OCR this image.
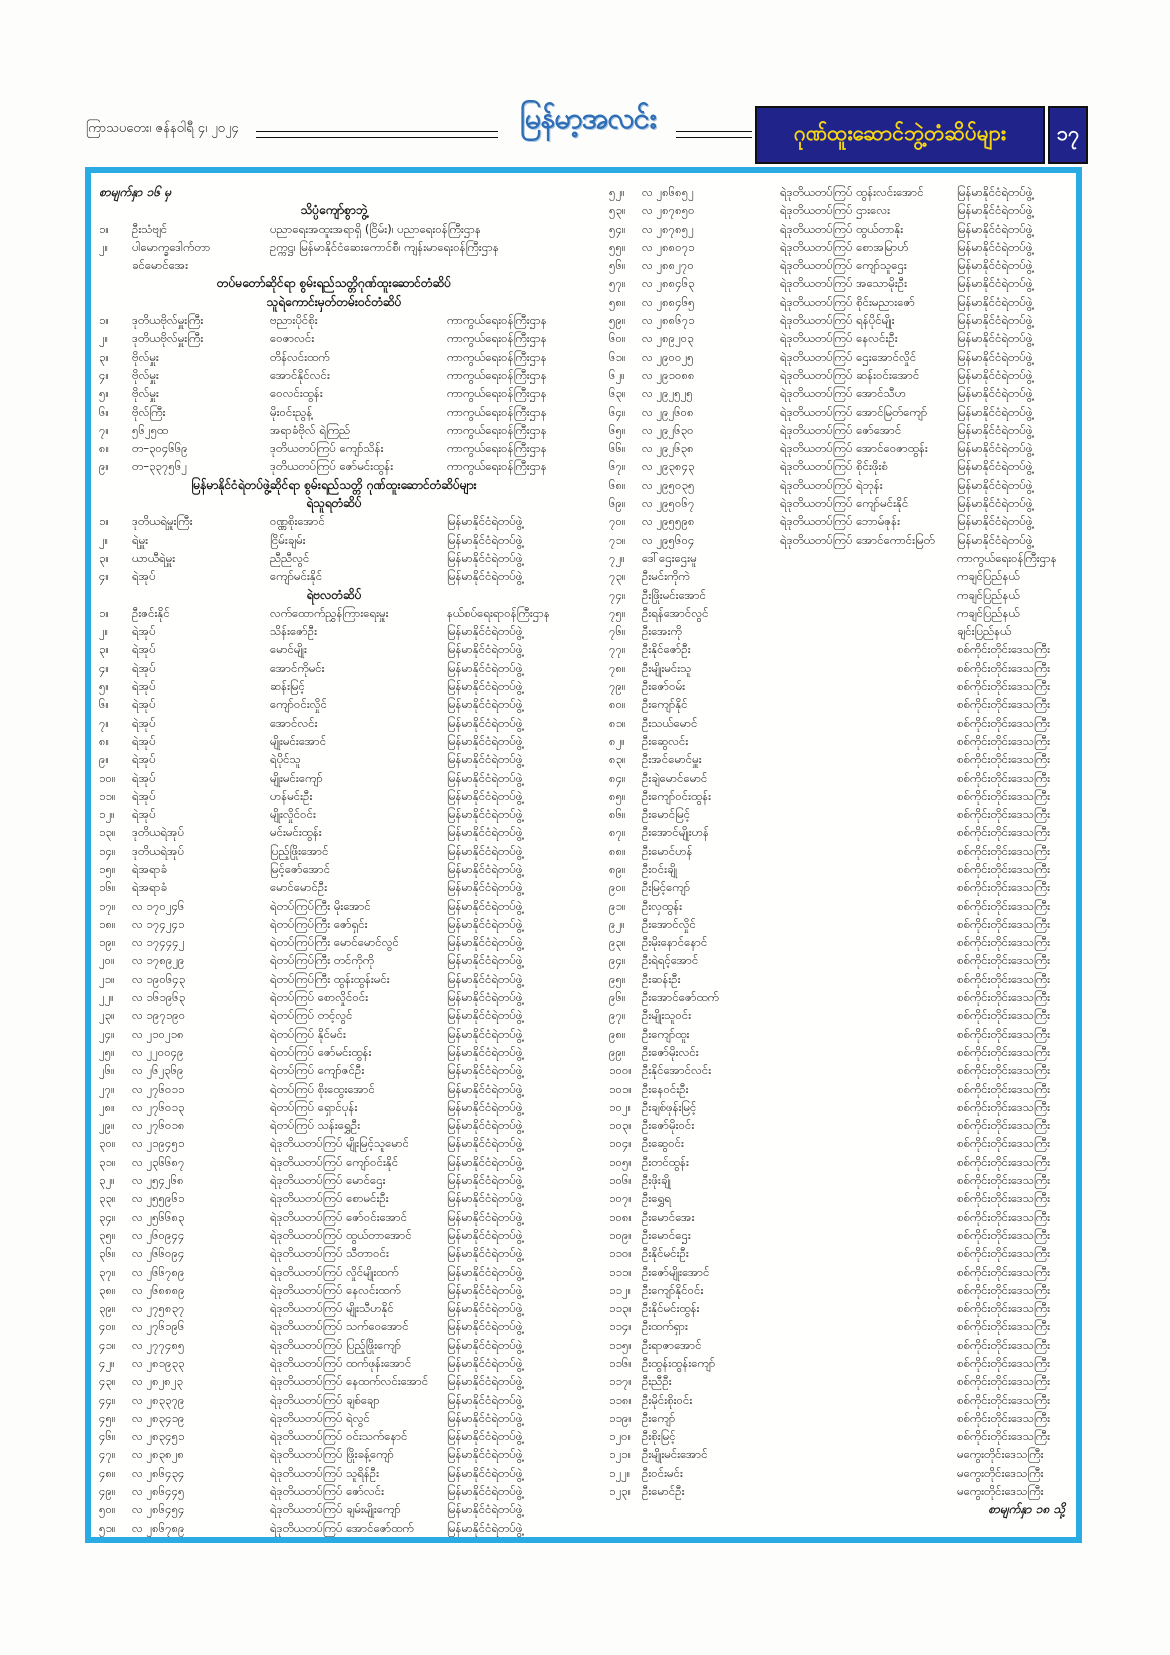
ကြာသပတေး၊ ဇန်နဝါရီ ၄၊ ၂၀၂၄	မြန်မာ့အလင်း	ဂုဏ်ထူးဆောင်ဘွဲ့တံဆိပ်များ	၁၇
စာမျက်နှာ ၁၆ မှ
သိပ္ပံကျော်စွာဘွဲ့
၁။	ဦးသံဗျင်	ပညာရေးအထူးအရာရှိ (ငြိမ်း)၊ ပညာရေးဝန်ကြီးဌာန
၂။	ပါမောက္ခဒေါက်တာ	ဥက္ကဋ္ဌ၊ မြန်မာနိုင်ငံဆေးကောင်စီ၊ ကျန်းမာရေးဝန်ကြီးဌာန
ခင်မောင်အေး
တပ်မတော်ဆိုင်ရာ စွမ်းရည်သတ္တိဂုဏ်ထူးဆောင်တံဆိပ်
သူရဲကောင်းမှတ်တမ်းဝင်တံဆိပ်
၁။	ဒုတိယဗိုလ်မှူးကြီး	ဗညားပိုင်စိုး	ကာကွယ်ရေးဝန်ကြီးဌာန
၂။	ဒုတိယဗိုလ်မှူးကြီး	ဝေဇာလင်း	ကာကွယ်ရေးဝန်ကြီးဌာန
၃။	ဗိုလ်မှူး	တိန်လင်းထက်	ကာကွယ်ရေးဝန်ကြီးဌာန
၄။	ဗိုလ်မှူး	အောင်နိုင်လင်း	ကာကွယ်ရေးဝန်ကြီးဌာန
၅။	ဗိုလ်မှူး	ဝေလင်းထွန်း	ကာကွယ်ရေးဝန်ကြီးဌာန
၆။	ဗိုလ်ကြီး	မိုးဝင်းညွန့်	ကာကွယ်ရေးဝန်ကြီးဌာန
၇။	၅၆၂၅ထ	အရာခံဗိုလ် ရဲကြည်	ကာကွယ်ရေးဝန်ကြီးဌာန
၈။	တ–၃၀၄၆၆၉	ဒုတိယတပ်ကြပ် ကျော်သိန်း	ကာကွယ်ရေးဝန်ကြီးဌာန
၉။	တ–၃၃၇၅၆၂	ဒုတိယတပ်ကြပ် ဇော်မင်းထွန်း	ကာကွယ်ရေးဝန်ကြီးဌာန
မြန်မာနိုင်ငံရဲတပ်ဖွဲ့ဆိုင်ရာ စွမ်းရည်သတ္တိ ဂုဏ်ထူးဆောင်တံဆိပ်များ
ရဲသူရတံဆိပ်
၁။	ဒုတိယရဲမှူးကြီး	ဝဏ္ဏစိုးအောင်	မြန်မာနိုင်ငံရဲတပ်ဖွဲ့
၂။	ရဲမှူး	ငြိမ်းချမ်း	မြန်မာနိုင်ငံရဲတပ်ဖွဲ့
၃။	ယာယီရဲမှူး	ညီညီလွင်	မြန်မာနိုင်ငံရဲတပ်ဖွဲ့
၄။	ရဲအုပ်	ကျော်မင်းနိုင်	မြန်မာနိုင်ငံရဲတပ်ဖွဲ့
ရဲဗလတံဆိပ်
၁။	ဦးဇင်းနိုင်	လက်ထောက်ညွှန်ကြားရေးမှူး	နယ်စပ်ရေးရာဝန်ကြီးဌာန
၂။	ရဲအုပ်	သိန်းဇော်ဦး	မြန်မာနိုင်ငံရဲတပ်ဖွဲ့
၃။	ရဲအုပ်	မောင်မျိုး	မြန်မာနိုင်ငံရဲတပ်ဖွဲ့
၄။	ရဲအုပ်	အောင်ကိုမင်း	မြန်မာနိုင်ငံရဲတပ်ဖွဲ့
၅။	ရဲအုပ်	ဆန်းမြင့်	မြန်မာနိုင်ငံရဲတပ်ဖွဲ့
၆။	ရဲအုပ်	ကျော်ဝင်းလှိုင်	မြန်မာနိုင်ငံရဲတပ်ဖွဲ့
၇။	ရဲအုပ်	အောင်လင်း	မြန်မာနိုင်ငံရဲတပ်ဖွဲ့
၈။	ရဲအုပ်	မျိုးမင်းအောင်	မြန်မာနိုင်ငံရဲတပ်ဖွဲ့
၉။	ရဲအုပ်	ရဲပိုင်သူ	မြန်မာနိုင်ငံရဲတပ်ဖွဲ့
၁၀။	ရဲအုပ်	မျိုးမင်းကျော်	မြန်မာနိုင်ငံရဲတပ်ဖွဲ့
၁၁။	ရဲအုပ်	ဟန်မင်းဦး	မြန်မာနိုင်ငံရဲတပ်ဖွဲ့
၁၂။	ရဲအုပ်	မျိုးလှိုင်ဝင်း	မြန်မာနိုင်ငံရဲတပ်ဖွဲ့
၁၃။	ဒုတိယရဲအုပ်	မင်းမင်းထွန်း	မြန်မာနိုင်ငံရဲတပ်ဖွဲ့
၁၄။	ဒုတိယရဲအုပ်	ပြည့်ဖြိုးအောင်	မြန်မာနိုင်ငံရဲတပ်ဖွဲ့
၁၅။	ရဲအရာခံ	မြင့်ဇော်အောင်	မြန်မာနိုင်ငံရဲတပ်ဖွဲ့
၁၆။	ရဲအရာခံ	မောင်မောင်ဦး	မြန်မာနိုင်ငံရဲတပ်ဖွဲ့
၁၇။	လ ၁၇၀၂၄၆	ရဲတပ်ကြပ်ကြီး မိုးအောင်	မြန်မာနိုင်ငံရဲတပ်ဖွဲ့
၁၈။	လ ၁၇၄၂၄၁	ရဲတပ်ကြပ်ကြီး ဇော်ရှင်း	မြန်မာနိုင်ငံရဲတပ်ဖွဲ့
၁၉။	လ ၁၇၄၄၄၂	ရဲတပ်ကြပ်ကြီး မောင်မောင်လွင်	မြန်မာနိုင်ငံရဲတပ်ဖွဲ့
၂၀။	လ ၁၇၈၉၂၉	ရဲတပ်ကြပ်ကြီး တင်ကိုကို	မြန်မာနိုင်ငံရဲတပ်ဖွဲ့
၂၁။	လ ၁၉၀၆၄၃	ရဲတပ်ကြပ်ကြီး ထွန်းထွန်းမင်း	မြန်မာနိုင်ငံရဲတပ်ဖွဲ့
၂၂။	လ ၁၆၁၉၆၃	ရဲတပ်ကြပ် စောလှိုင်ဝင်း	မြန်မာနိုင်ငံရဲတပ်ဖွဲ့
၂၃။	လ ၁၉၇၁၉၀	ရဲတပ်ကြပ် တင့်လွင်	မြန်မာနိုင်ငံရဲတပ်ဖွဲ့
၂၄။	လ ၂၁၀၂၁၈	ရဲတပ်ကြပ် နိုင်မင်း	မြန်မာနိုင်ငံရဲတပ်ဖွဲ့
၂၅။	လ ၂၂၀၀၄၉	ရဲတပ်ကြပ် ဇော်မင်းထွန်း	မြန်မာနိုင်ငံရဲတပ်ဖွဲ့
၂၆။	လ ၂၆၂၃၆၉	ရဲတပ်ကြပ် ကျော်ဇင်ဦး	မြန်မာနိုင်ငံရဲတပ်ဖွဲ့
၂၇။	လ ၂၇၆၀၁၁	ရဲတပ်ကြပ် စိုးထွေးအောင်	မြန်မာနိုင်ငံရဲတပ်ဖွဲ့
၂၈။	လ ၂၇၆၀၁၃	ရဲတပ်ကြပ် ရှောင်ပုန်း	မြန်မာနိုင်ငံရဲတပ်ဖွဲ့
၂၉။	လ ၂၇၆၀၁၈	ရဲတပ်ကြပ် သန်းရွှေဦး	မြန်မာနိုင်ငံရဲတပ်ဖွဲ့
၃၀။	လ ၂၁၉၄၅၁	ရဲဒုတိယတပ်ကြပ် မျိုးမြင့်သူမောင်	မြန်မာနိုင်ငံရဲတပ်ဖွဲ့
၃၁။	လ ၂၃၆၆၈၇	ရဲဒုတိယတပ်ကြပ် ကျော်ဝင်းနိုင်	မြန်မာနိုင်ငံရဲတပ်ဖွဲ့
၃၂။	လ ၂၅၄၂၆၈	ရဲဒုတိယတပ်ကြပ် မောင်ဌေး	မြန်မာနိုင်ငံရဲတပ်ဖွဲ့
၃၃။	လ ၂၅၅၉၆၁	ရဲဒုတိယတပ်ကြပ် စောမင်းဦး	မြန်မာနိုင်ငံရဲတပ်ဖွဲ့
၃၄။	လ ၂၅၆၆၈၃	ရဲဒုတိယတပ်ကြပ် ဇော်ဝင်းအောင်	မြန်မာနိုင်ငံရဲတပ်ဖွဲ့
၃၅။	လ ၂၆၀၉၄၄	ရဲဒုတိယတပ်ကြပ် ထွယ်တာအောင်	မြန်မာနိုင်ငံရဲတပ်ဖွဲ့
၃၆။	လ ၂၆၆၀၉၄	ရဲဒုတိယတပ်ကြပ် သီတာဝင်း	မြန်မာနိုင်ငံရဲတပ်ဖွဲ့
၃၇။	လ ၂၆၆၇၈၉	ရဲဒုတိယတပ်ကြပ် လှိုင်မျိုးထက်	မြန်မာနိုင်ငံရဲတပ်ဖွဲ့
၃၈။	လ ၂၆၈၈၈၉	ရဲဒုတိယတပ်ကြပ် နေလင်းထက်	မြန်မာနိုင်ငံရဲတပ်ဖွဲ့
၃၉။	လ ၂၇၅၈၃၇	ရဲဒုတိယတပ်ကြပ် မျိုးသီဟနိုင်	မြန်မာနိုင်ငံရဲတပ်ဖွဲ့
၄၀။	လ ၂၇၆၁၉၆	ရဲဒုတိယတပ်ကြပ် သက်ဝေအောင်	မြန်မာနိုင်ငံရဲတပ်ဖွဲ့
၄၁။	လ ၂၇၇၄၈၅	ရဲဒုတိယတပ်ကြပ် ပြည့်ဖြိုးကျော်	မြန်မာနိုင်ငံရဲတပ်ဖွဲ့
၄၂။	လ ၂၈၁၉၃၃	ရဲဒုတိယတပ်ကြပ် ထက်ဖုန်းအောင်	မြန်မာနိုင်ငံရဲတပ်ဖွဲ့
၄၃။	လ ၂၈၂၈၂၃	ရဲဒုတိယတပ်ကြပ် နေထက်လင်းအောင်	မြန်မာနိုင်ငံရဲတပ်ဖွဲ့
၄၄။	လ ၂၈၃၃၇၉	ရဲဒုတိယတပ်ကြပ် ချစ်ချော	မြန်မာနိုင်ငံရဲတပ်ဖွဲ့
၄၅။	လ ၂၈၃၄၁၉	ရဲဒုတိယတပ်ကြပ် ရဲလွင်	မြန်မာနိုင်ငံရဲတပ်ဖွဲ့
၄၆။	လ ၂၈၃၄၅၁	ရဲဒုတိယတပ်ကြပ် ဝင်းသက်နောင်	မြန်မာနိုင်ငံရဲတပ်ဖွဲ့
၄၇။	လ ၂၈၃၈၂၈	ရဲဒုတိယတပ်ကြပ် ဖြိုးခန့်ကျော်	မြန်မာနိုင်ငံရဲတပ်ဖွဲ့
၄၈။	လ ၂၈၆၄၃၄	ရဲဒုတိယတပ်ကြပ် သူရိန်ဦး	မြန်မာနိုင်ငံရဲတပ်ဖွဲ့
၄၉။	လ ၂၈၆၄၄၅	ရဲဒုတိယတပ်ကြပ် ဇော်လင်း	မြန်မာနိုင်ငံရဲတပ်ဖွဲ့
၅၀။	လ ၂၈၆၄၅၄	ရဲဒုတိယတပ်ကြပ် ချမ်းမျိုးကျော်	မြန်မာနိုင်ငံရဲတပ်ဖွဲ့
၅၁။	လ ၂၈၆၇၈၉	ရဲဒုတိယတပ်ကြပ် အောင်ဇော်ထက်	မြန်မာနိုင်ငံရဲတပ်ဖွဲ့
၅၂။	လ ၂၈၆၈၅၂	ရဲဒုတိယတပ်ကြပ် ထွန်းလင်းအောင်	မြန်မာနိုင်ငံရဲတပ်ဖွဲ့
၅၃။	လ ၂၈၇၈၅၀	ရဲဒုတိယတပ်ကြပ် ဌားလေး	မြန်မာနိုင်ငံရဲတပ်ဖွဲ့
၅၄။	လ ၂၈၇၈၅၂	ရဲဒုတိယတပ်ကြပ် ထွယ်တာနိုး	မြန်မာနိုင်ငံရဲတပ်ဖွဲ့
၅၅။	လ ၂၈၈၀၇၁	ရဲဒုတိယတပ်ကြပ် စောအမြာဟ်	မြန်မာနိုင်ငံရဲတပ်ဖွဲ့
၅၆။	လ ၂၈၈၂၇၀	ရဲဒုတိယတပ်ကြပ် ကျော်သူဌေး	မြန်မာနိုင်ငံရဲတပ်ဖွဲ့
၅၇။	လ ၂၈၈၄၆၃	ရဲဒုတိယတပ်ကြပ် အသောမိုးဦး	မြန်မာနိုင်ငံရဲတပ်ဖွဲ့
၅၈။	လ ၂၈၈၄၆၅	ရဲဒုတိယတပ်ကြပ် စိုင်းမညားဇော်	မြန်မာနိုင်ငံရဲတပ်ဖွဲ့
၅၉။	လ ၂၈၈၆၇၁	ရဲဒုတိယတပ်ကြပ် ရန်ပိုင်မျိုး	မြန်မာနိုင်ငံရဲတပ်ဖွဲ့
၆၀။	လ ၂၈၉၂၀၃	ရဲဒုတိယတပ်ကြပ် နေလင်းဦး	မြန်မာနိုင်ငံရဲတပ်ဖွဲ့
၆၁။	လ ၂၉၀၀၂၅	ရဲဒုတိယတပ်ကြပ် ဌေးအောင်လှိုင်	မြန်မာနိုင်ငံရဲတပ်ဖွဲ့
၆၂။	လ ၂၉၁၀၈၈	ရဲဒုတိယတပ်ကြပ် ဆန်းဝင်းအောင်	မြန်မာနိုင်ငံရဲတပ်ဖွဲ့
၆၃။	လ ၂၉၂၅၂၅	ရဲဒုတိယတပ်ကြပ် အောင်သီဟ	မြန်မာနိုင်ငံရဲတပ်ဖွဲ့
၆၄။	လ ၂၉၂၆၀၈	ရဲဒုတိယတပ်ကြပ် အောင်မြတ်ကျော်	မြန်မာနိုင်ငံရဲတပ်ဖွဲ့
၆၅။	လ ၂၉၂၆၃၀	ရဲဒုတိယတပ်ကြပ် ဇော်အောင်	မြန်မာနိုင်ငံရဲတပ်ဖွဲ့
၆၆။	လ ၂၉၂၆၃၈	ရဲဒုတိယတပ်ကြပ် အောင်ဝေဇာထွန်း	မြန်မာနိုင်ငံရဲတပ်ဖွဲ့
၆၇။	လ ၂၉၃၈၄၃	ရဲဒုတိယတပ်ကြပ် စိုင်းဖိုးစံ	မြန်မာနိုင်ငံရဲတပ်ဖွဲ့
၆၈။	လ ၂၉၅၀၃၅	ရဲဒုတိယတပ်ကြပ် ရဲဘုန်း	မြန်မာနိုင်ငံရဲတပ်ဖွဲ့
၆၉။	လ ၂၉၅၀၆၇	ရဲဒုတိယတပ်ကြပ် ကျော်မင်းနိုင်	မြန်မာနိုင်ငံရဲတပ်ဖွဲ့
၇၀။	လ ၂၉၅၅၉၈	ရဲဒုတိယတပ်ကြပ် ဘောမ်ဇုန်း	မြန်မာနိုင်ငံရဲတပ်ဖွဲ့
၇၁။	လ ၂၉၅၆၀၄	ရဲဒုတိယတပ်ကြပ် အောင်ကောင်းမြတ်	မြန်မာနိုင်ငံရဲတပ်ဖွဲ့
၇၂။	ဒေါ်ဌေးဌေးမူ	ကာကွယ်ရေးဝန်ကြီးဌာန
၇၃။	ဦးမင်းကိုကဲ	ကချင်ပြည်နယ်
၇၄။	ဦးဖြိုးမင်းအောင်	ကချင်ပြည်နယ်
၇၅။	ဦးရန်အောင်လွင်	ကချင်ပြည်နယ်
၇၆။	ဦးအေးကို	ချင်းပြည်နယ်
၇၇။	ဦးနိုင်ဇော်ဦး	စစ်ကိုင်းတိုင်းဒေသကြီး
၇၈။	ဦးမျိုးမင်းသူ	စစ်ကိုင်းတိုင်းဒေသကြီး
၇၉။	ဦးဇော်ဝမ်း	စစ်ကိုင်းတိုင်းဒေသကြီး
၈၀။	ဦးကျော်နိုင်	စစ်ကိုင်းတိုင်းဒေသကြီး
၈၁။	ဦးသယ်မောင်	စစ်ကိုင်းတိုင်းဒေသကြီး
၈၂။	ဦးဆွေလင်း	စစ်ကိုင်းတိုင်းဒေသကြီး
၈၃။	ဦးအင်မောင်မှူး	စစ်ကိုင်းတိုင်းဒေသကြီး
၈၄။	ဦးချဲမောင်မောင်	စစ်ကိုင်းတိုင်းဒေသကြီး
၈၅။	ဦးကျော်ဝင်းထွန်း	စစ်ကိုင်းတိုင်းဒေသကြီး
၈၆။	ဦးမောင်မြင့်	စစ်ကိုင်းတိုင်းဒေသကြီး
၈၇။	ဦးအောင်မျိုးဟန်	စစ်ကိုင်းတိုင်းဒေသကြီး
၈၈။	ဦးမောင်ဟန်	စစ်ကိုင်းတိုင်းဒေသကြီး
၈၉။	ဦးဝင်းချို	စစ်ကိုင်းတိုင်းဒေသကြီး
၉၀။	ဦးမြင့်ကျော်	စစ်ကိုင်းတိုင်းဒေသကြီး
၉၁။	ဦးလှထွန်း	စစ်ကိုင်းတိုင်းဒေသကြီး
၉၂။	ဦးအောင်လှိုင်	စစ်ကိုင်းတိုင်းဒေသကြီး
၉၃။	ဦးမိုးနောင်နောင်	စစ်ကိုင်းတိုင်းဒေသကြီး
၉၄။	ဦးရဲရင့်အောင်	စစ်ကိုင်းတိုင်းဒေသကြီး
၉၅။	ဦးဆန်းဦး	စစ်ကိုင်းတိုင်းဒေသကြီး
၉၆။	ဦးအောင်ဇော်ထက်	စစ်ကိုင်းတိုင်းဒေသကြီး
၉၇။	ဦးမျိုးသူဝင်း	စစ်ကိုင်းတိုင်းဒေသကြီး
၉၈။	ဦးကျော်ထူး	စစ်ကိုင်းတိုင်းဒေသကြီး
၉၉။	ဦးဇော်မိုးလင်း	စစ်ကိုင်းတိုင်းဒေသကြီး
၁၀၀။ ဦးနိုင်အောင်လင်း	စစ်ကိုင်းတိုင်းဒေသကြီး
၁၀၁။ ဦးနေဝင်းဦး	စစ်ကိုင်းတိုင်းဒေသကြီး
၁၀၂။ ဦးချစ်ဖုန်းမြင့်	စစ်ကိုင်းတိုင်းဒေသကြီး
၁၀၃။ ဦးဇော်မိုးဝင်း	စစ်ကိုင်းတိုင်းဒေသကြီး
၁၀၄။ ဦးဆွေဝင်း	စစ်ကိုင်းတိုင်းဒေသကြီး
၁၀၅။ ဦးတင်ထွန်း	စစ်ကိုင်းတိုင်းဒေသကြီး
၁၀၆။ ဦးဖိုးချို	စစ်ကိုင်းတိုင်းဒေသကြီး
၁၀၇။ ဦးရွှေရ	စစ်ကိုင်းတိုင်းဒေသကြီး
၁၀၈။ ဦးမောင်အေး	စစ်ကိုင်းတိုင်းဒေသကြီး
၁၀၉။ ဦးမောင်ဌေး	စစ်ကိုင်းတိုင်းဒေသကြီး
၁၁၀။ ဦးနိုင်မင်းဦး	စစ်ကိုင်းတိုင်းဒေသကြီး
၁၁၁။ ဦးဇော်မျိုးအောင်	စစ်ကိုင်းတိုင်းဒေသကြီး
၁၁၂။ ဦးကျော်နိုင်ဝင်း	စစ်ကိုင်းတိုင်းဒေသကြီး
၁၁၃။ ဦးနိုင်မင်းထွန်း	စစ်ကိုင်းတိုင်းဒေသကြီး
၁၁၄။ ဦးထက်ရှား	စစ်ကိုင်းတိုင်းဒေသကြီး
၁၁၅။ ဦးရာဇာအောင်	စစ်ကိုင်းတိုင်းဒေသကြီး
၁၁၆။ ဦးထွန်းထွန်းကျော်	စစ်ကိုင်းတိုင်းဒေသကြီး
၁၁၇။ ဦးညီဦး	စစ်ကိုင်းတိုင်းဒေသကြီး
၁၁၈။ ဦးမိုင်းစိုးဝင်း	စစ်ကိုင်းတိုင်းဒေသကြီး
၁၁၉။ ဦးကျော်	စစ်ကိုင်းတိုင်းဒေသကြီး
၁၂၀။ ဦးစိုးမြင့်	စစ်ကိုင်းတိုင်းဒေသကြီး
၁၂၁။ ဦးမျိုးမင်းအောင်	မကွေးတိုင်းဒေသကြီး
၁၂၂။	ဦးဝင်းမင်း	မကွေးတိုင်းဒေသကြီး
၁၂၃။ ဦးမောင်ဦး	မကွေးတိုင်းဒေသကြီး
စာမျက်နှာ ၁၈ သို့
